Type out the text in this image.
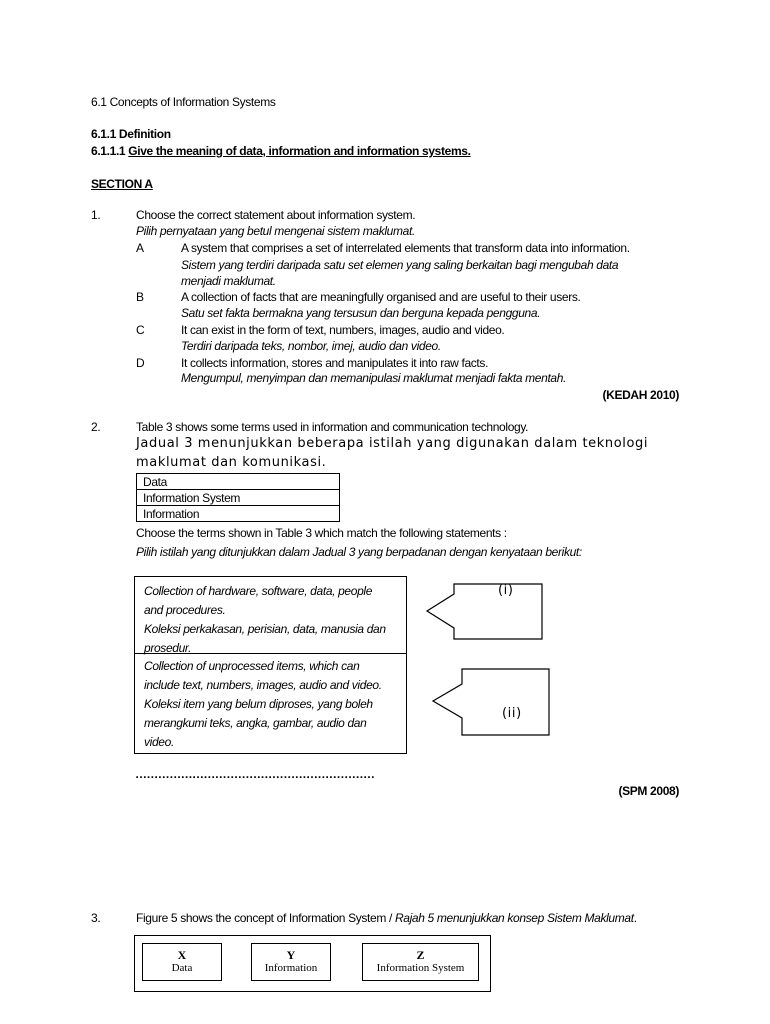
6.1 Concepts of Information Systems
6.1.1 Definition
6.1.1.1 Give the meaning of data, information and information systems.
SECTION A
1.	Choose the correct statement about information system.
Pilih pernyataan yang betul mengenai sistem maklumat.
A	A system that comprises a set of interrelated elements that transform data into information.
Sistem yang terdiri daripada satu set elemen yang saling berkaitan bagi mengubah data
menjadi maklumat.
B	A collection of facts that are meaningfully organised and are useful to their users.
Satu set fakta bermakna yang tersusun dan berguna kepada pengguna.
C	It can exist in the form of text, numbers, images, audio and video.
Terdiri daripada teks, nombor, imej, audio dan video.
D	It collects information, stores and manipulates it into raw facts.
Mengumpul, menyimpan dan memanipulasi maklumat menjadi fakta mentah.
(KEDAH 2010)
2.	Table 3 shows some terms used in information and communication technology.
Jadual 3 menunjukkan beberapa istilah yang digunakan dalam teknologi
maklumat dan komunikasi.
Data
Information System
Information
Choose the terms shown in Table 3 which match the following statements :
Pilih istilah yang ditunjukkan dalam Jadual 3 yang berpadanan dengan kenyataan berikut:
Collection of hardware, software, data, people
and procedures.
Koleksi perkakasan, perisian, data, manusia dan
prosedur.
Collection of unprocessed items, which can
include text, numbers, images, audio and video.
Koleksi item yang belum diproses, yang boleh
merangkumi teks, angka, gambar, audio dan
video.
(i)
(ii)
………………………………………………………
(SPM 2008)
3.	Figure 5 shows the concept of Information System / Rajah 5 menunjukkan konsep Sistem Maklumat.
X
Data
Y
Information
Z
Information System
